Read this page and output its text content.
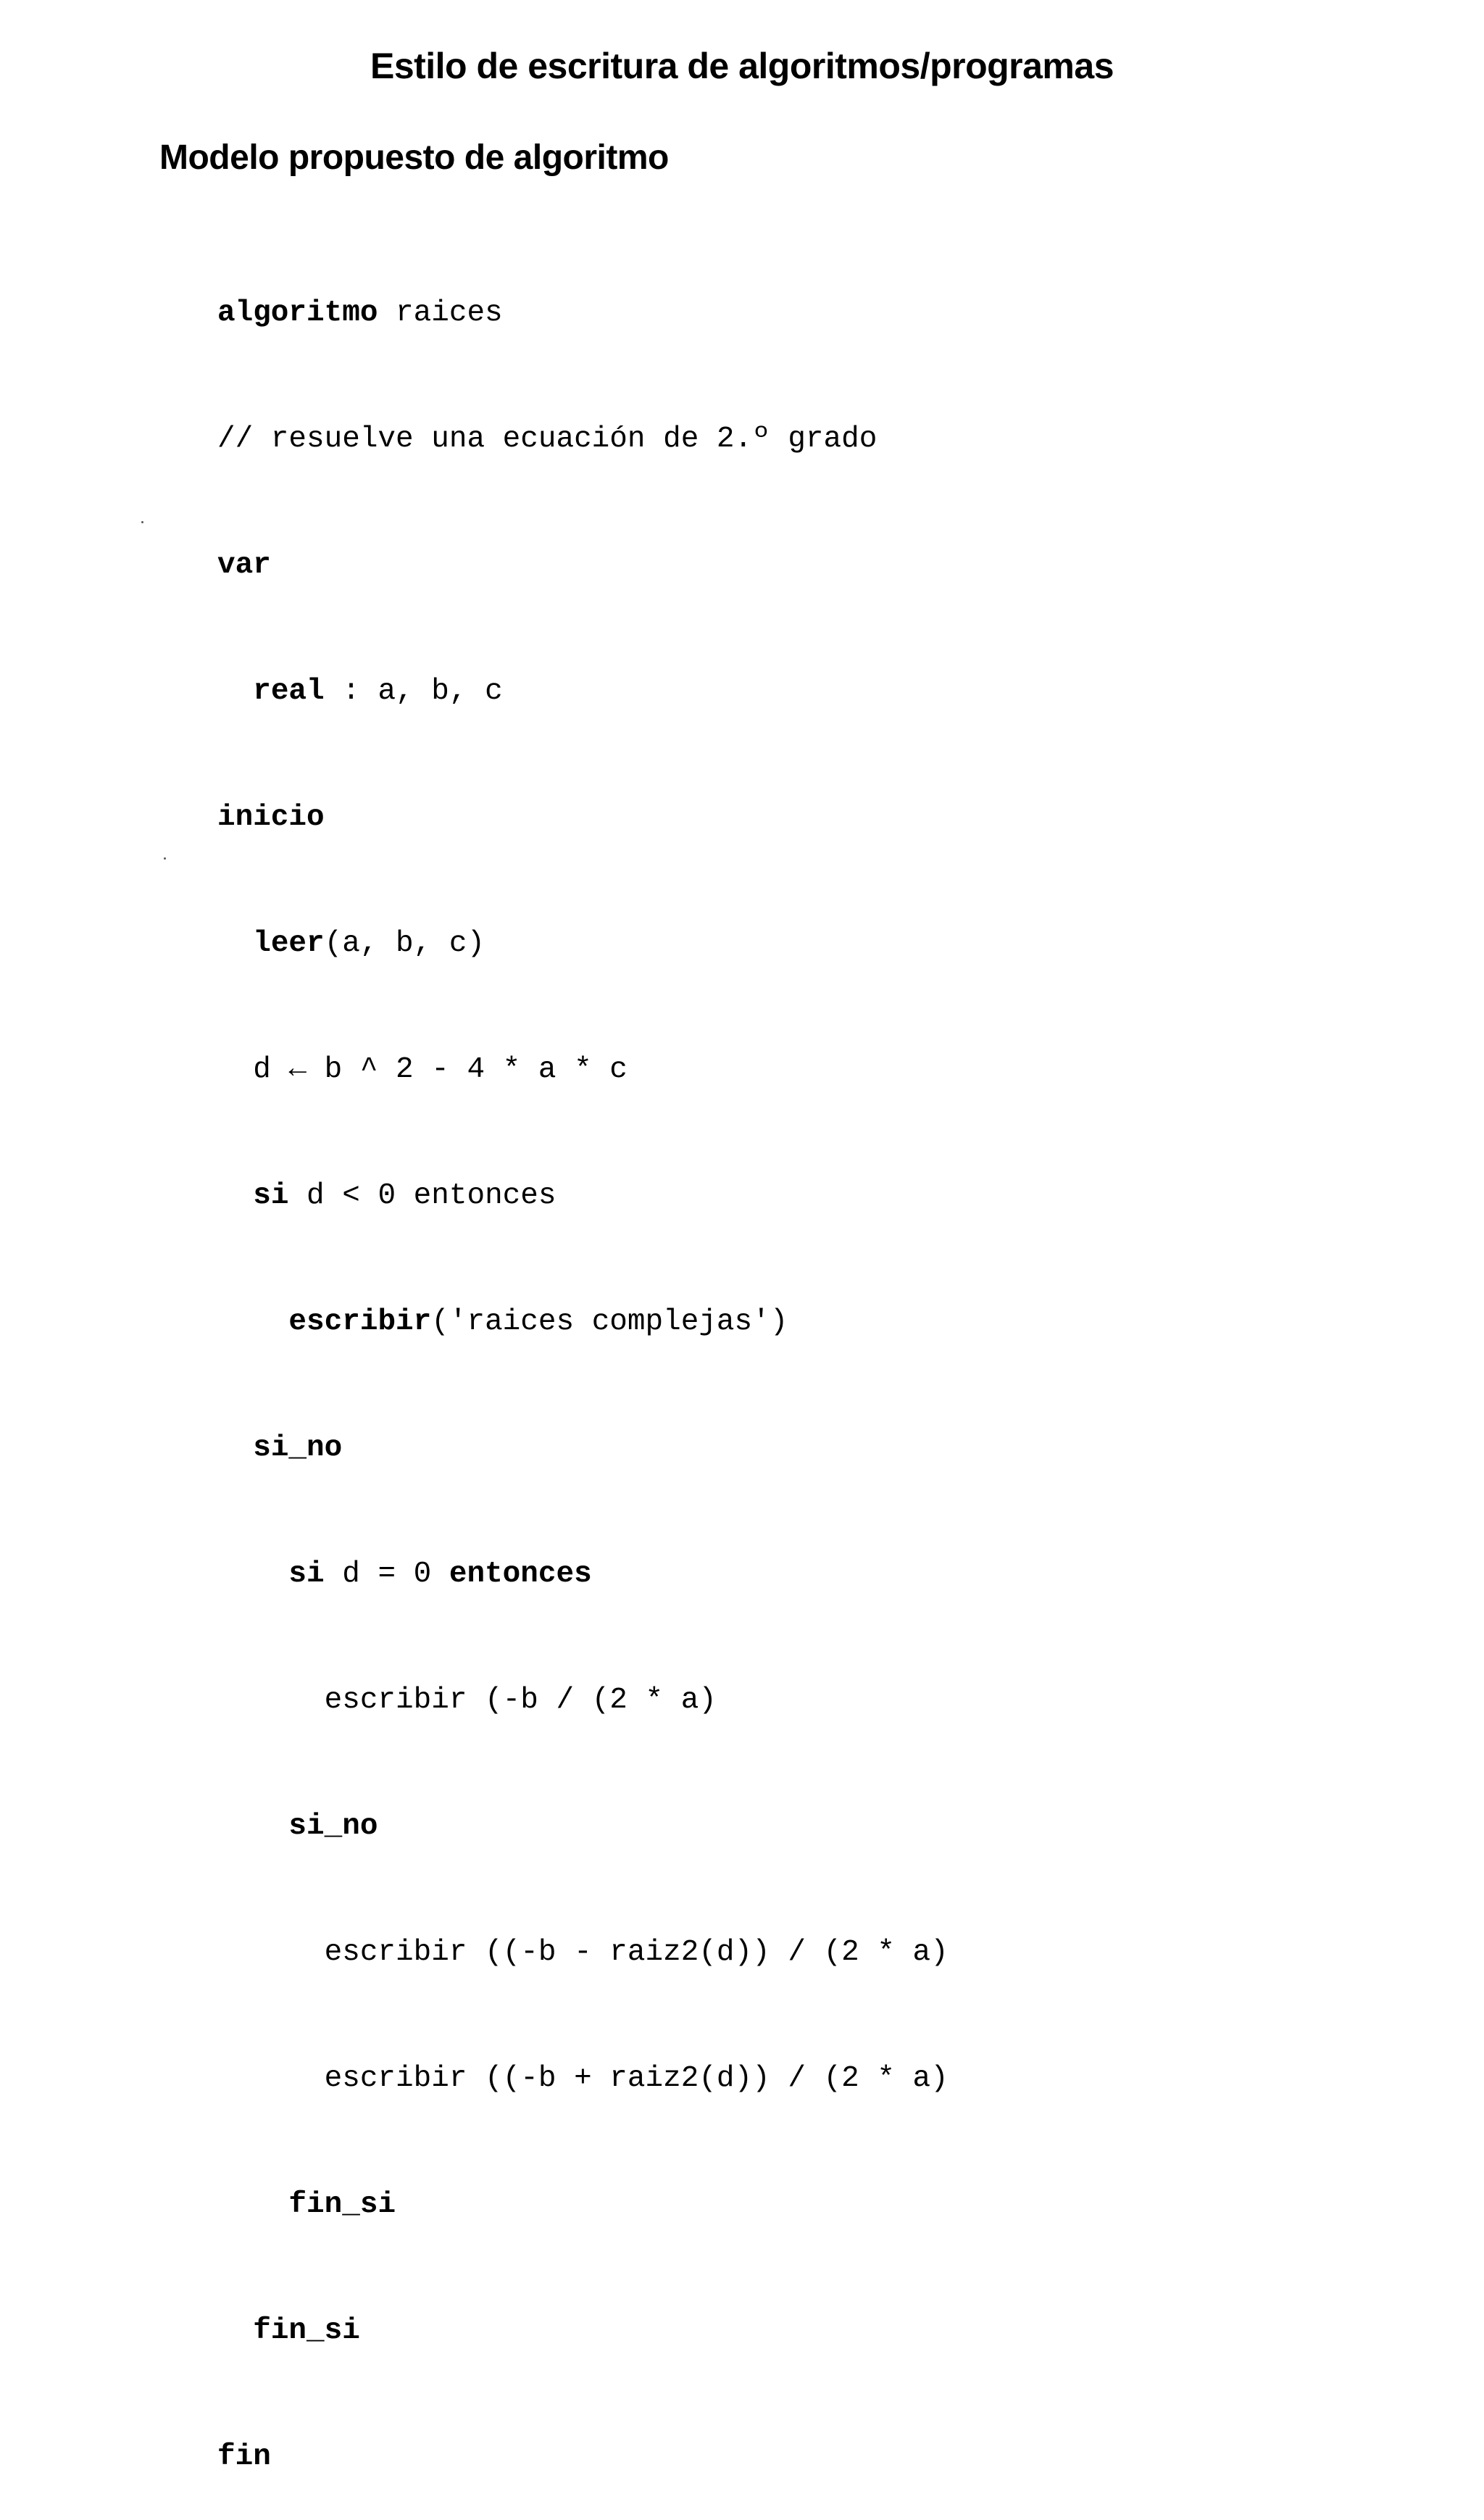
Estilo de escritura de algoritmos/programas
Modelo propuesto de algoritmo

algoritmo raices

// resuelve una ecuación de 2.º grado

var

real : a, b, c

inicio

leer(a, b, c)

d ← b ^ 2 - 4 * a * c

si d < 0 entonces

escribir('raices complejas')

si_no

si d = 0 entonces

escribir (-b / (2 * a)

si_no

escribir ((-b - raiz2(d)) / (2 * a)

escribir ((-b + raiz2(d)) / (2 * a)

fin_si

fin_si

fin
